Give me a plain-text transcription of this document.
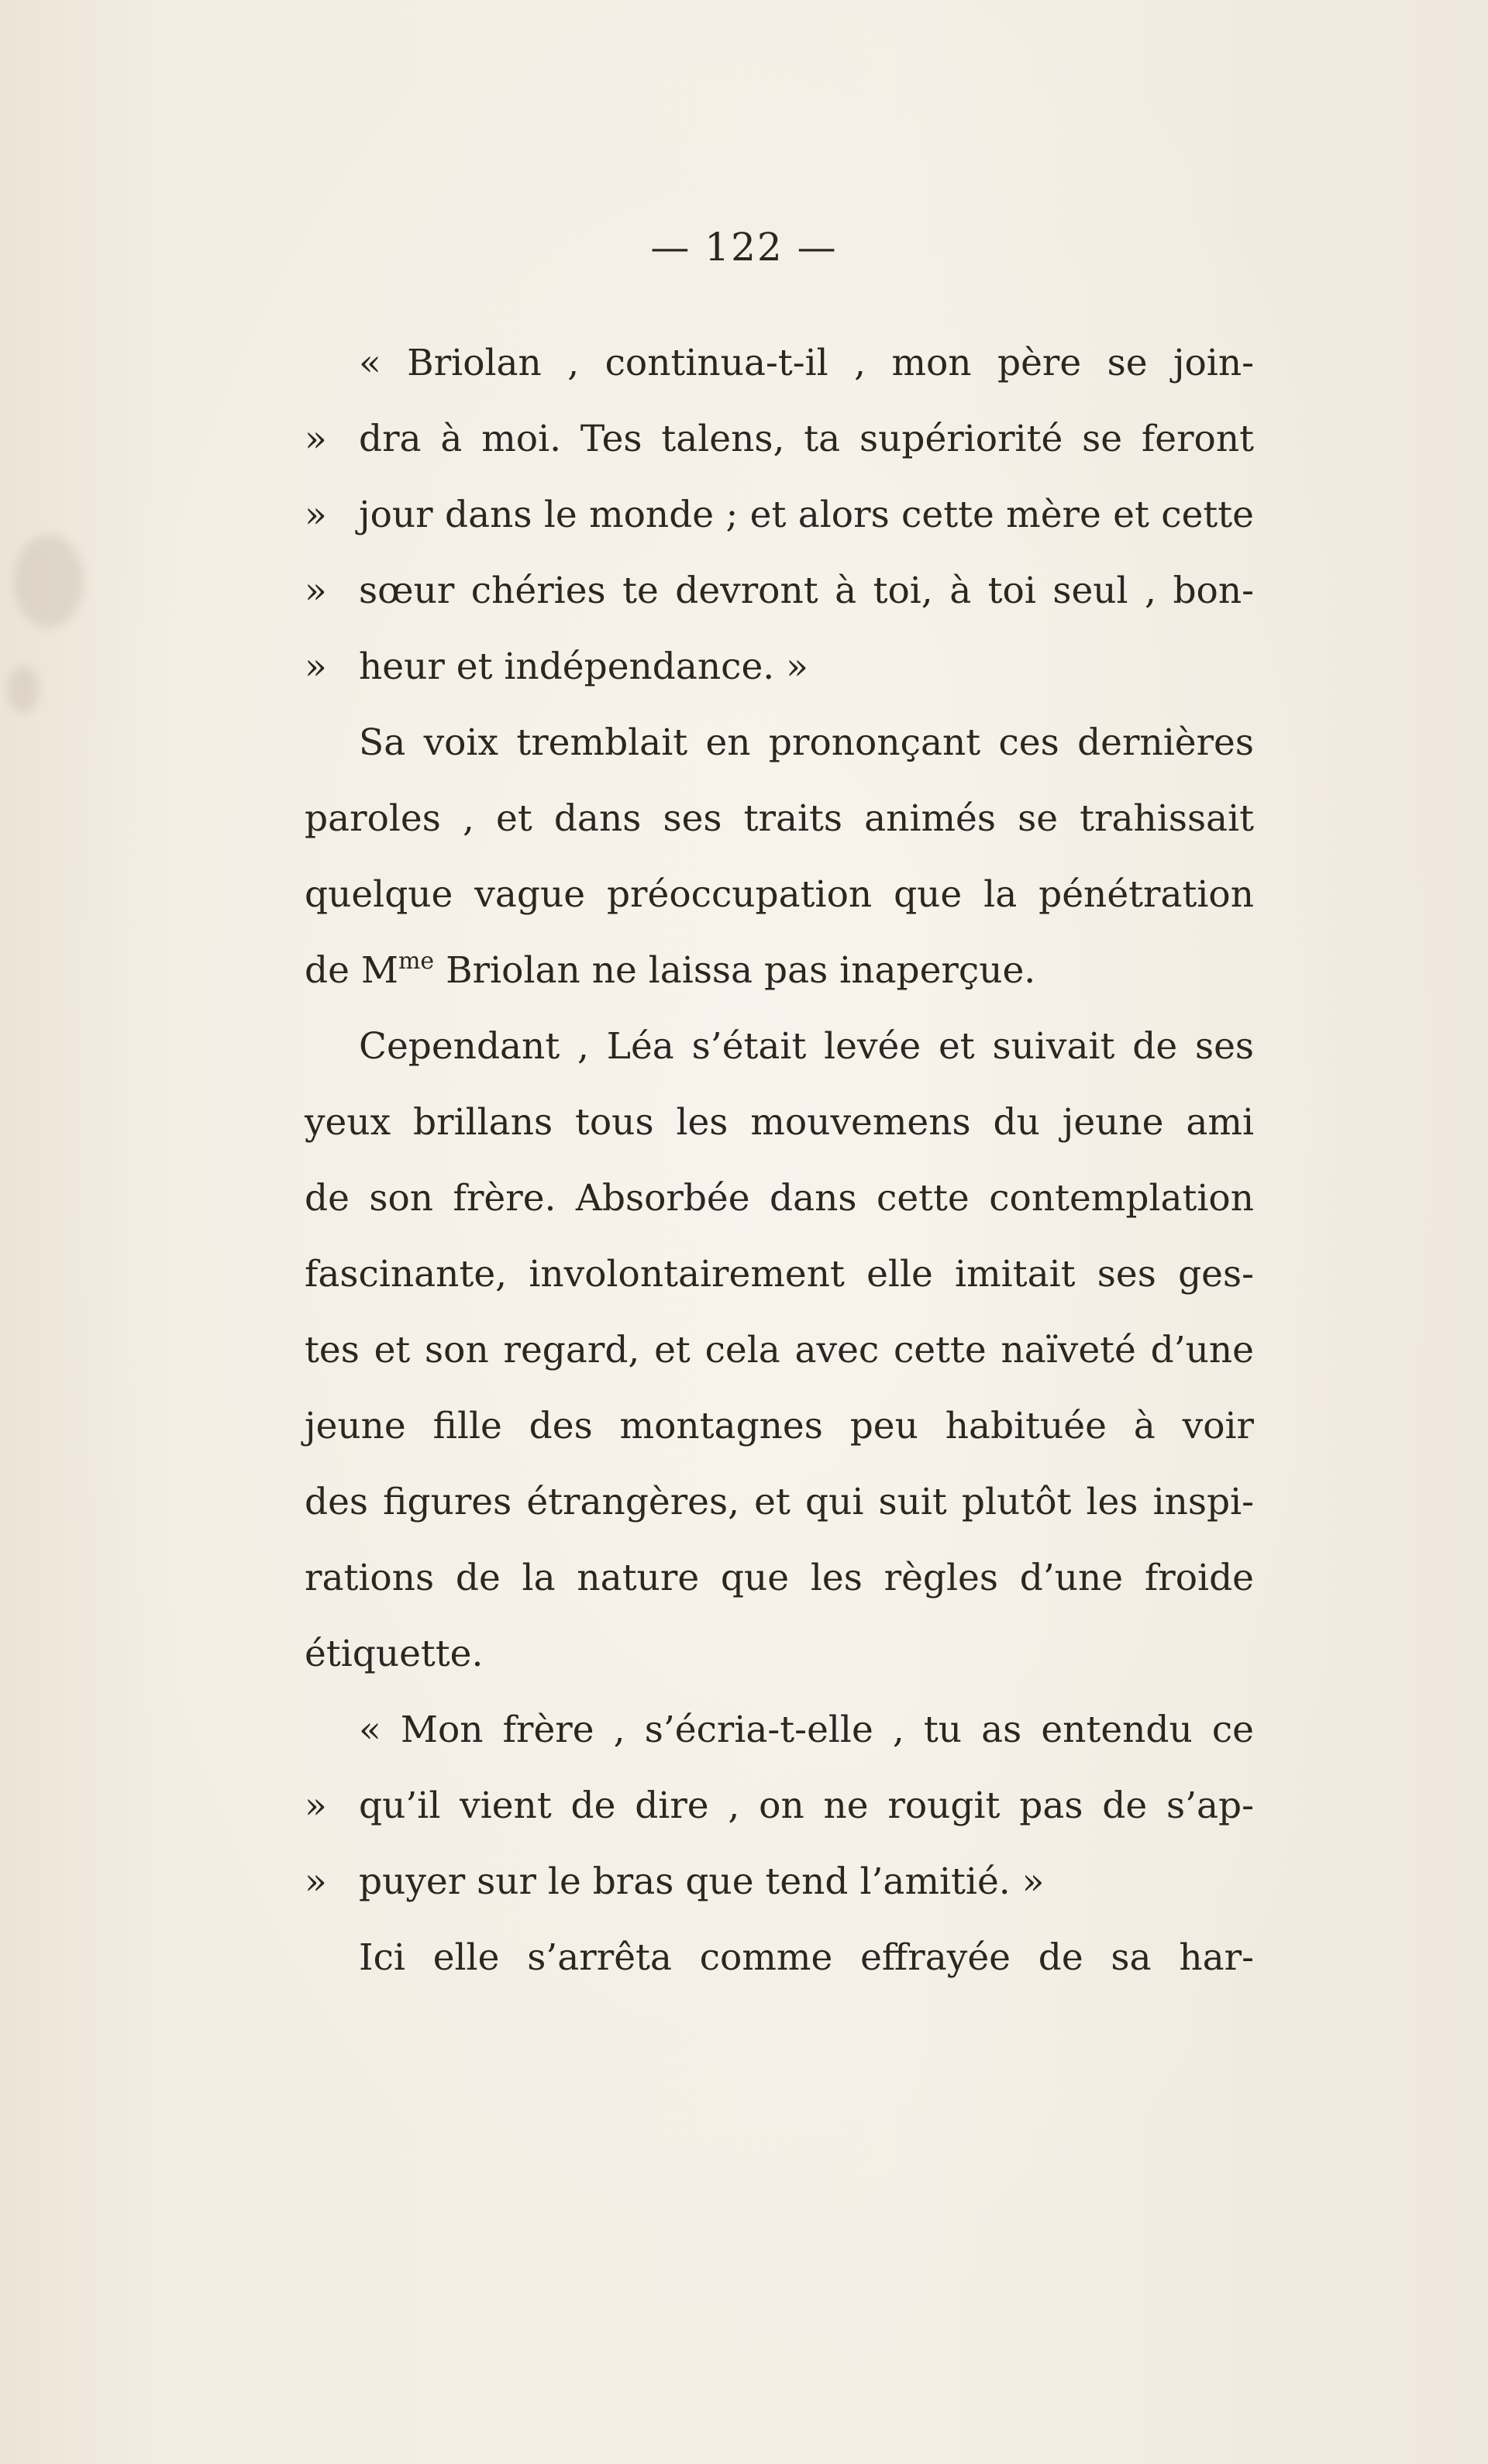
— 122 —
« Briolan , continua-t-il , mon père se join-
» dra à moi. Tes talens, ta supériorité se feront
» jour dans le monde ; et alors cette mère et cette
» sœur chéries te devront à toi, à toi seul , bon-
» heur et indépendance. »
Sa voix tremblait en prononçant ces dernières
paroles , et dans ses traits animés se trahissait
quelque vague préoccupation que la pénétration
de $M^{me}$ Briolan ne laissa pas inaperçue.
Cependant , Léa s’était levée et suivait de ses
yeux brillans tous les mouvemens du jeune ami
de son frère. Absorbée dans cette contemplation
fascinante, involontairement elle imitait ses ges-
tes et son regard, et cela avec cette naïveté d’une
jeune fille des montagnes peu habituée à voir
des figures étrangères, et qui suit plutôt les inspi-
rations de la nature que les règles d’une froide
étiquette.
« Mon frère , s’écria-t-elle , tu as entendu ce
» qu’il vient de dire , on ne rougit pas de s’ap-
» puyer sur le bras que tend l’amitié. »
Ici elle s’arrêta comme effrayée de sa har-
